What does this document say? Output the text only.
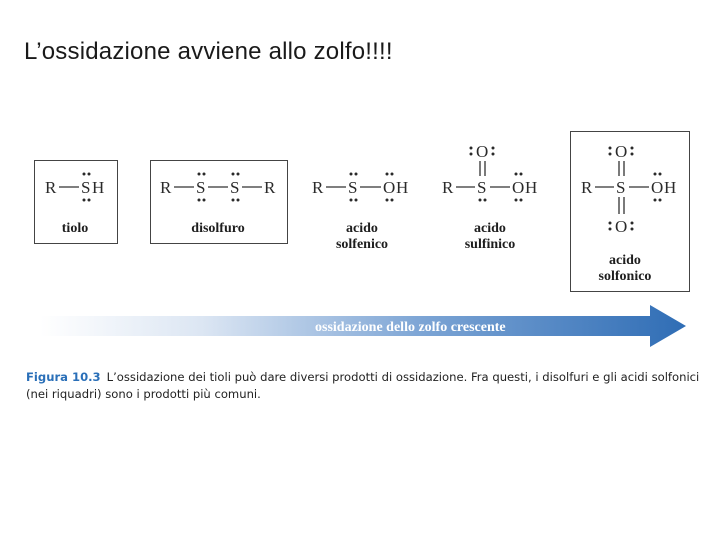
L’ossidazione avviene allo zolfo!!!!
R S H
tiolo
R S S R
disolfuro
R S O H
acido
solfenico
O
R S O H
acido
sulfinico
O
R S O H
O
acido
solfonico
ossidazione dello zolfo crescente
Figura 10.3 L’ossidazione dei tioli può dare diversi prodotti di ossidazione. Fra questi, i disolfuri e gli acidi solfonici (nei riquadri) sono i prodotti più comuni.
